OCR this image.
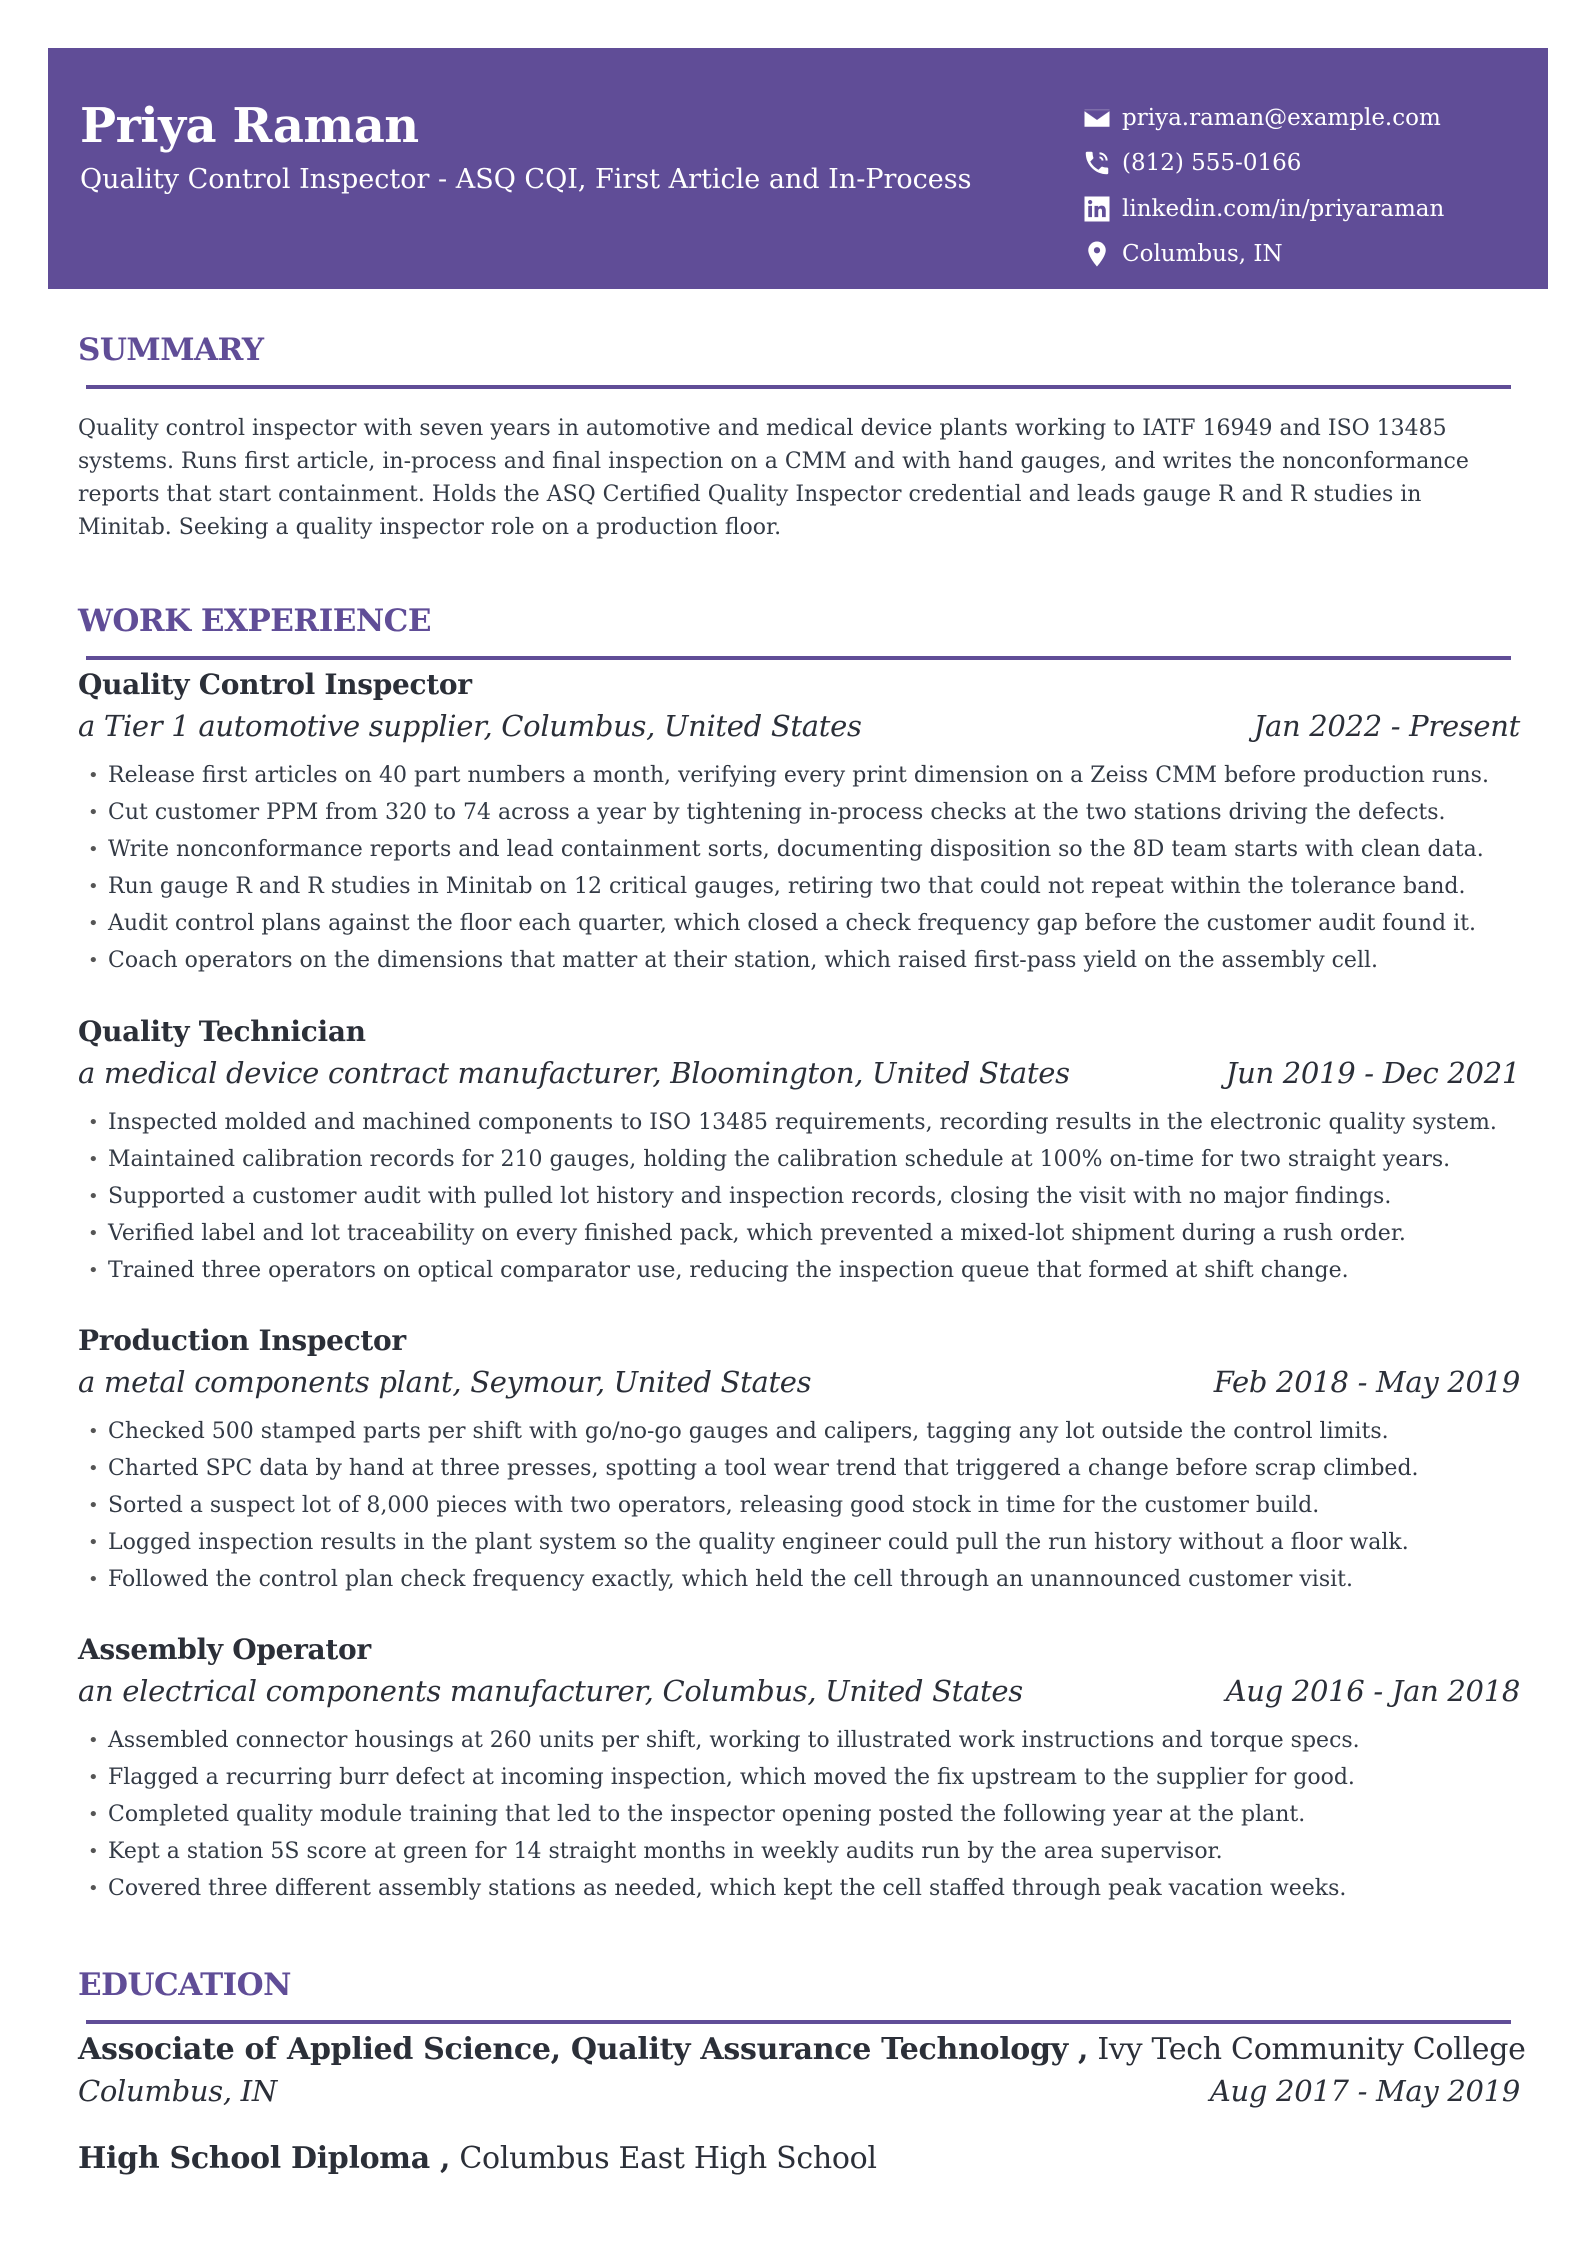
Priya Raman
Quality Control Inspector - ASQ CQI, First Article and In-Process
priya.raman@example.com
(812) 555-0166
linkedin.com/in/priyaraman
Columbus, IN
SUMMARY
Quality control inspector with seven years in automotive and medical device plants working to IATF 16949 and ISO 13485 systems. Runs first article, in-process and final inspection on a CMM and with hand gauges, and writes the nonconformance reports that start containment. Holds the ASQ Certified Quality Inspector credential and leads gauge R and R studies in Minitab. Seeking a quality inspector role on a production floor.
WORK EXPERIENCE
Quality Control Inspector
a Tier 1 automotive supplier, Columbus, United States	Jan 2022 - Present
• Release first articles on 40 part numbers a month, verifying every print dimension on a Zeiss CMM before production runs.
• Cut customer PPM from 320 to 74 across a year by tightening in-process checks at the two stations driving the defects.
• Write nonconformance reports and lead containment sorts, documenting disposition so the 8D team starts with clean data.
• Run gauge R and R studies in Minitab on 12 critical gauges, retiring two that could not repeat within the tolerance band.
• Audit control plans against the floor each quarter, which closed a check frequency gap before the customer audit found it.
• Coach operators on the dimensions that matter at their station, which raised first-pass yield on the assembly cell.
Quality Technician
a medical device contract manufacturer, Bloomington, United States	Jun 2019 - Dec 2021
• Inspected molded and machined components to ISO 13485 requirements, recording results in the electronic quality system.
• Maintained calibration records for 210 gauges, holding the calibration schedule at 100% on-time for two straight years.
• Supported a customer audit with pulled lot history and inspection records, closing the visit with no major findings.
• Verified label and lot traceability on every finished pack, which prevented a mixed-lot shipment during a rush order.
• Trained three operators on optical comparator use, reducing the inspection queue that formed at shift change.
Production Inspector
a metal components plant, Seymour, United States	Feb 2018 - May 2019
• Checked 500 stamped parts per shift with go/no-go gauges and calipers, tagging any lot outside the control limits.
• Charted SPC data by hand at three presses, spotting a tool wear trend that triggered a change before scrap climbed.
• Sorted a suspect lot of 8,000 pieces with two operators, releasing good stock in time for the customer build.
• Logged inspection results in the plant system so the quality engineer could pull the run history without a floor walk.
• Followed the control plan check frequency exactly, which held the cell through an unannounced customer visit.
Assembly Operator
an electrical components manufacturer, Columbus, United States	Aug 2016 - Jan 2018
• Assembled connector housings at 260 units per shift, working to illustrated work instructions and torque specs.
• Flagged a recurring burr defect at incoming inspection, which moved the fix upstream to the supplier for good.
• Completed quality module training that led to the inspector opening posted the following year at the plant.
• Kept a station 5S score at green for 14 straight months in weekly audits run by the area supervisor.
• Covered three different assembly stations as needed, which kept the cell staffed through peak vacation weeks.
EDUCATION
Associate of Applied Science, Quality Assurance Technology , Ivy Tech Community College
Columbus, IN	Aug 2017 - May 2019
High School Diploma , Columbus East High School
